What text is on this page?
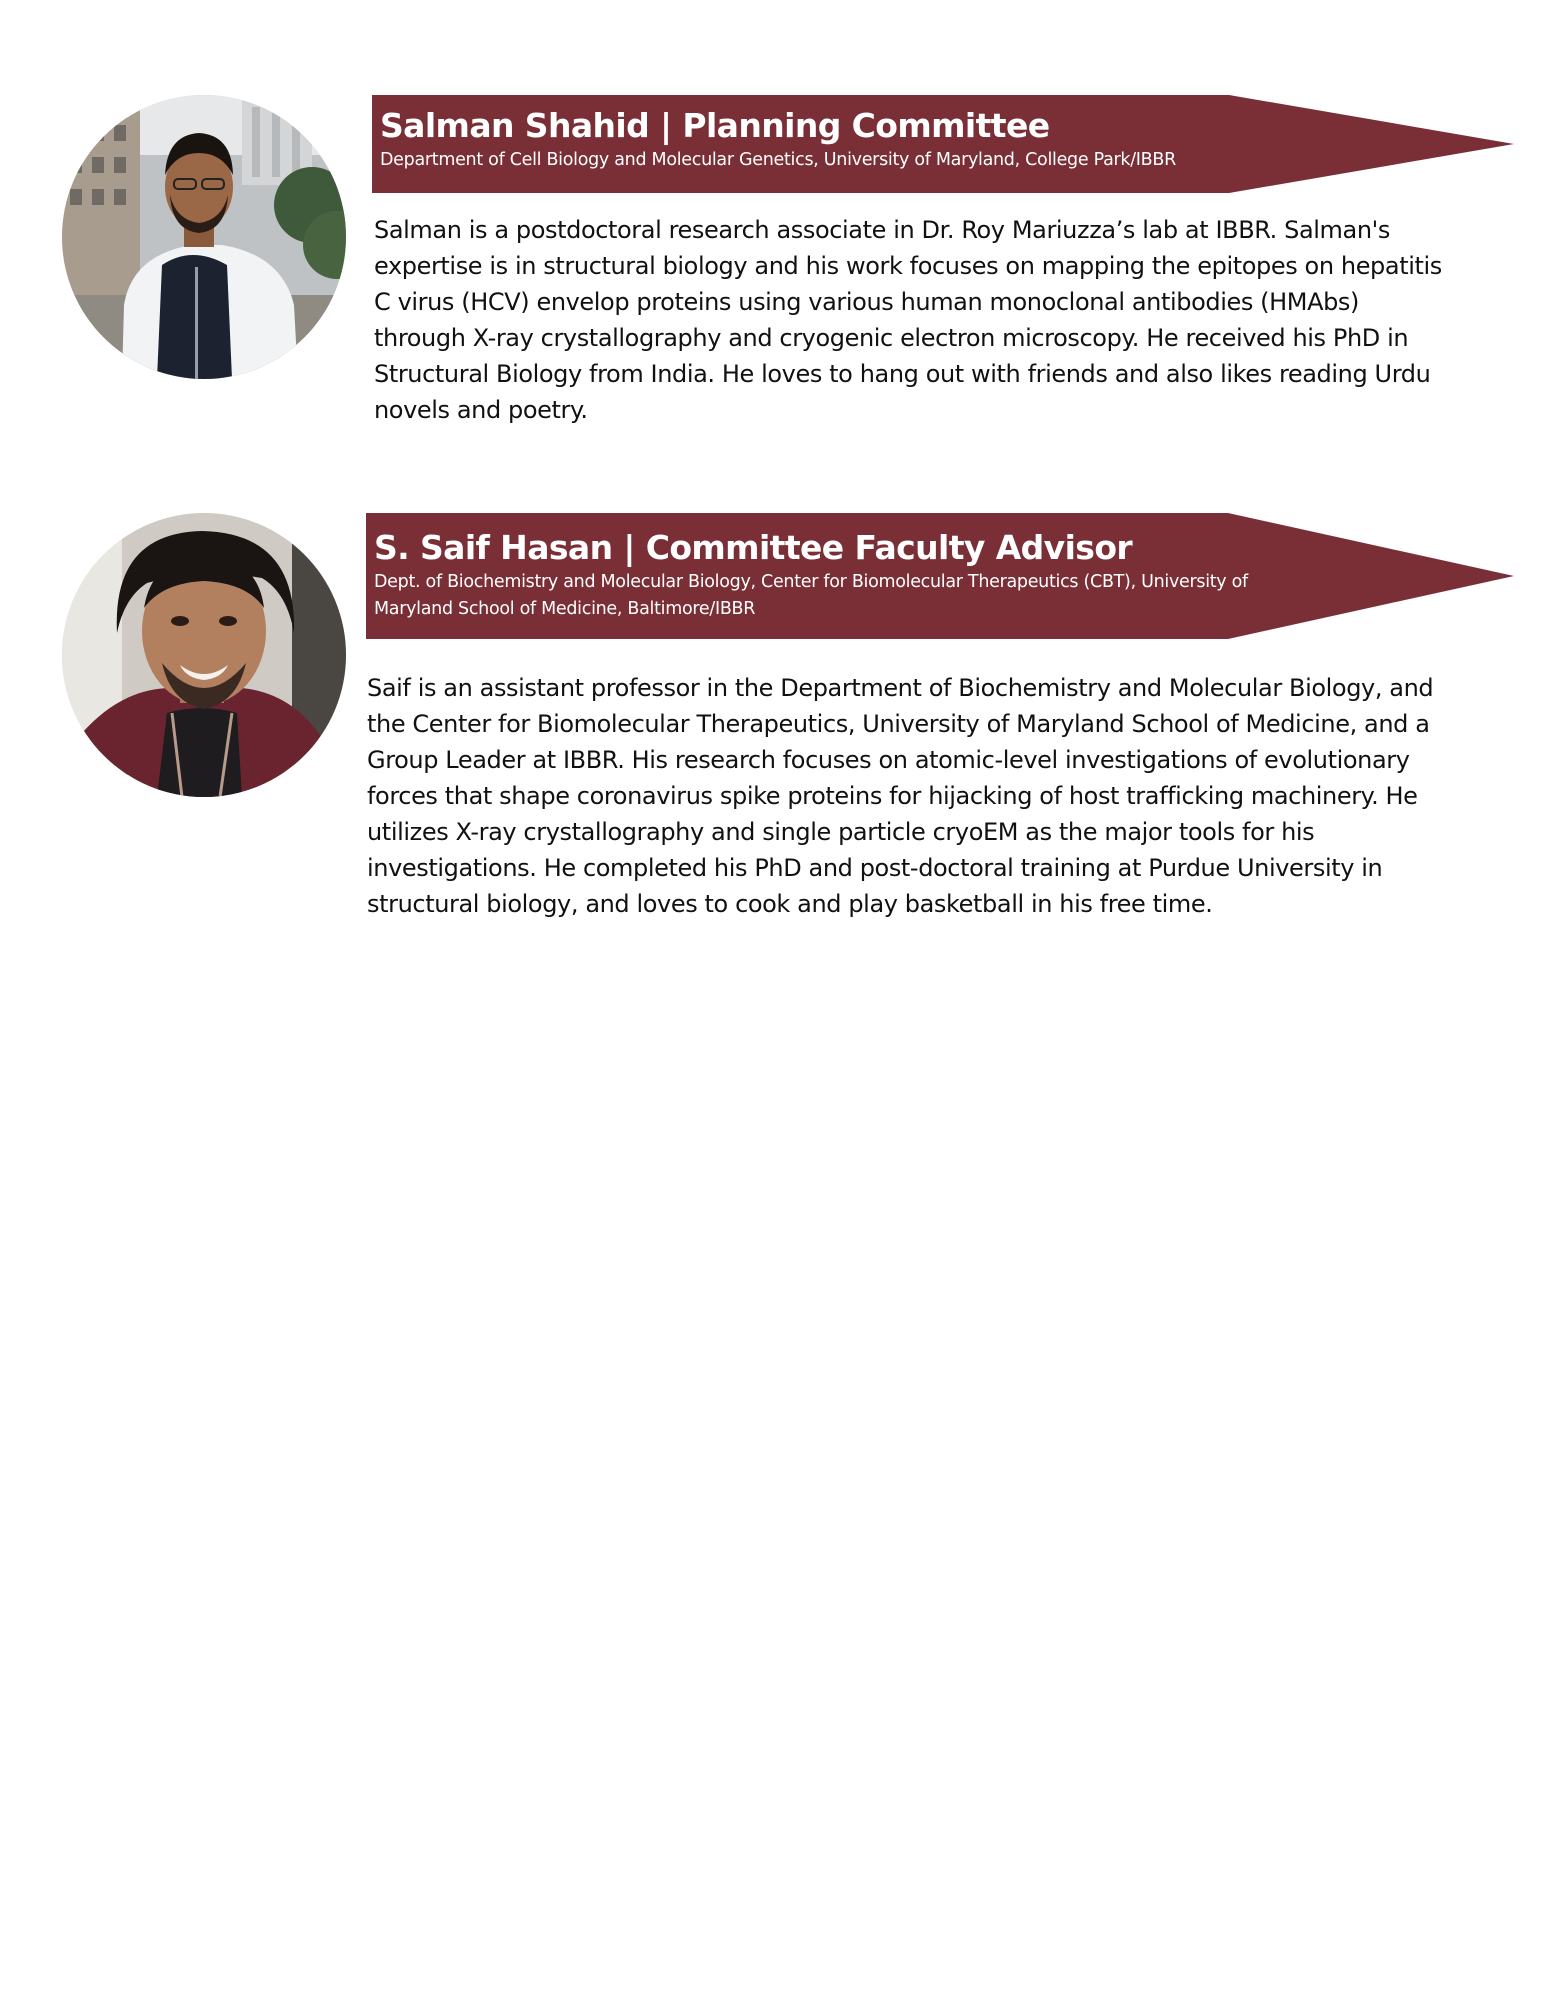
Salman Shahid | Planning Committee
Department of Cell Biology and Molecular Genetics, University of Maryland, College Park/IBBR

Salman is a postdoctoral research associate in Dr. Roy Mariuzza’s lab at IBBR. Salman's expertise is in structural biology and his work focuses on mapping the epitopes on hepatitis C virus (HCV) envelop proteins using various human monoclonal antibodies (HMAbs) through X-ray crystallography and cryogenic electron microscopy. He received his PhD in Structural Biology from India. He loves to hang out with friends and also likes reading Urdu novels and poetry.

S. Saif Hasan | Committee Faculty Advisor
Dept. of Biochemistry and Molecular Biology, Center for Biomolecular Therapeutics (CBT), University of Maryland School of Medicine, Baltimore/IBBR

Saif is an assistant professor in the Department of Biochemistry and Molecular Biology, and the Center for Biomolecular Therapeutics, University of Maryland School of Medicine, and a Group Leader at IBBR. His research focuses on atomic-level investigations of evolutionary forces that shape coronavirus spike proteins for hijacking of host trafficking machinery. He utilizes X-ray crystallography and single particle cryoEM as the major tools for his investigations. He completed his PhD and post-doctoral training at Purdue University in structural biology, and loves to cook and play basketball in his free time.
